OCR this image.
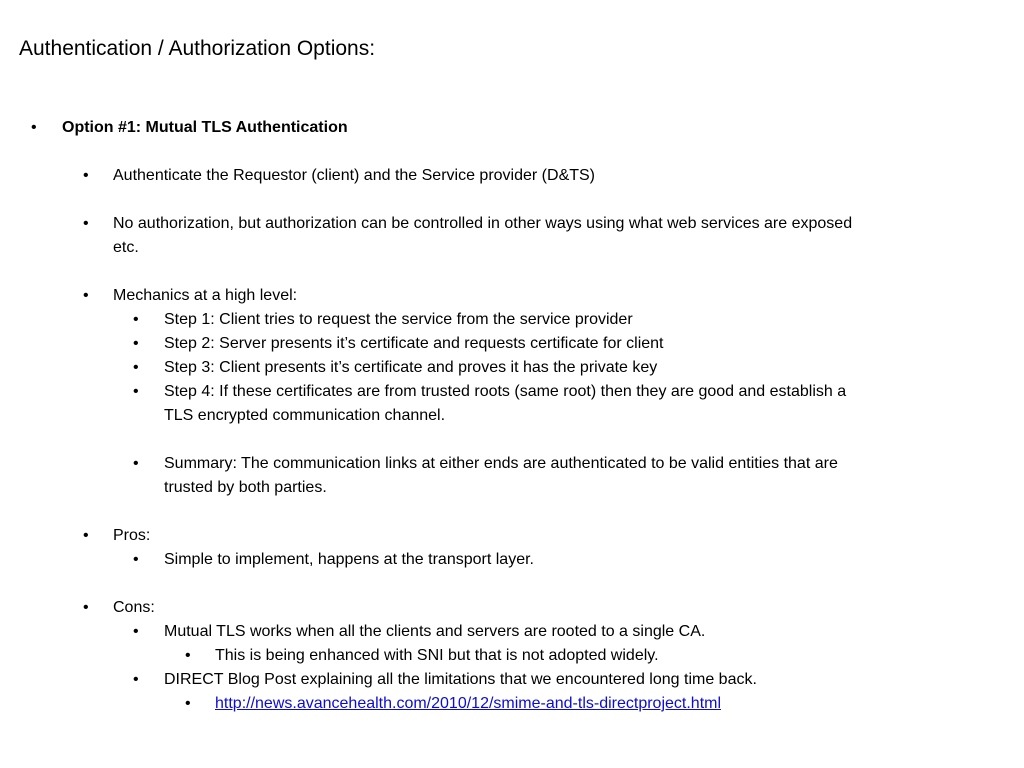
Authentication / Authorization Options:
• Option #1: Mutual TLS Authentication
• Authenticate the Requestor (client) and the Service provider (D&TS)
• No authorization, but authorization can be controlled in other ways using what web services are exposed
etc.
• Mechanics at a high level:
• Step 1: Client tries to request the service from the service provider
• Step 2: Server presents it’s certificate and requests certificate for client
• Step 3: Client presents it’s certificate and proves it has the private key
• Step 4: If these certificates are from trusted roots (same root) then they are good and establish a
TLS encrypted communication channel.
• Summary: The communication links at either ends are authenticated to be valid entities that are
trusted by both parties.
• Pros:
• Simple to implement, happens at the transport layer.
• Cons:
• Mutual TLS works when all the clients and servers are rooted to a single CA.
• This is being enhanced with SNI but that is not adopted widely.
• DIRECT Blog Post explaining all the limitations that we encountered long time back.
• http://news.avancehealth.com/2010/12/smime-and-tls-directproject.html
